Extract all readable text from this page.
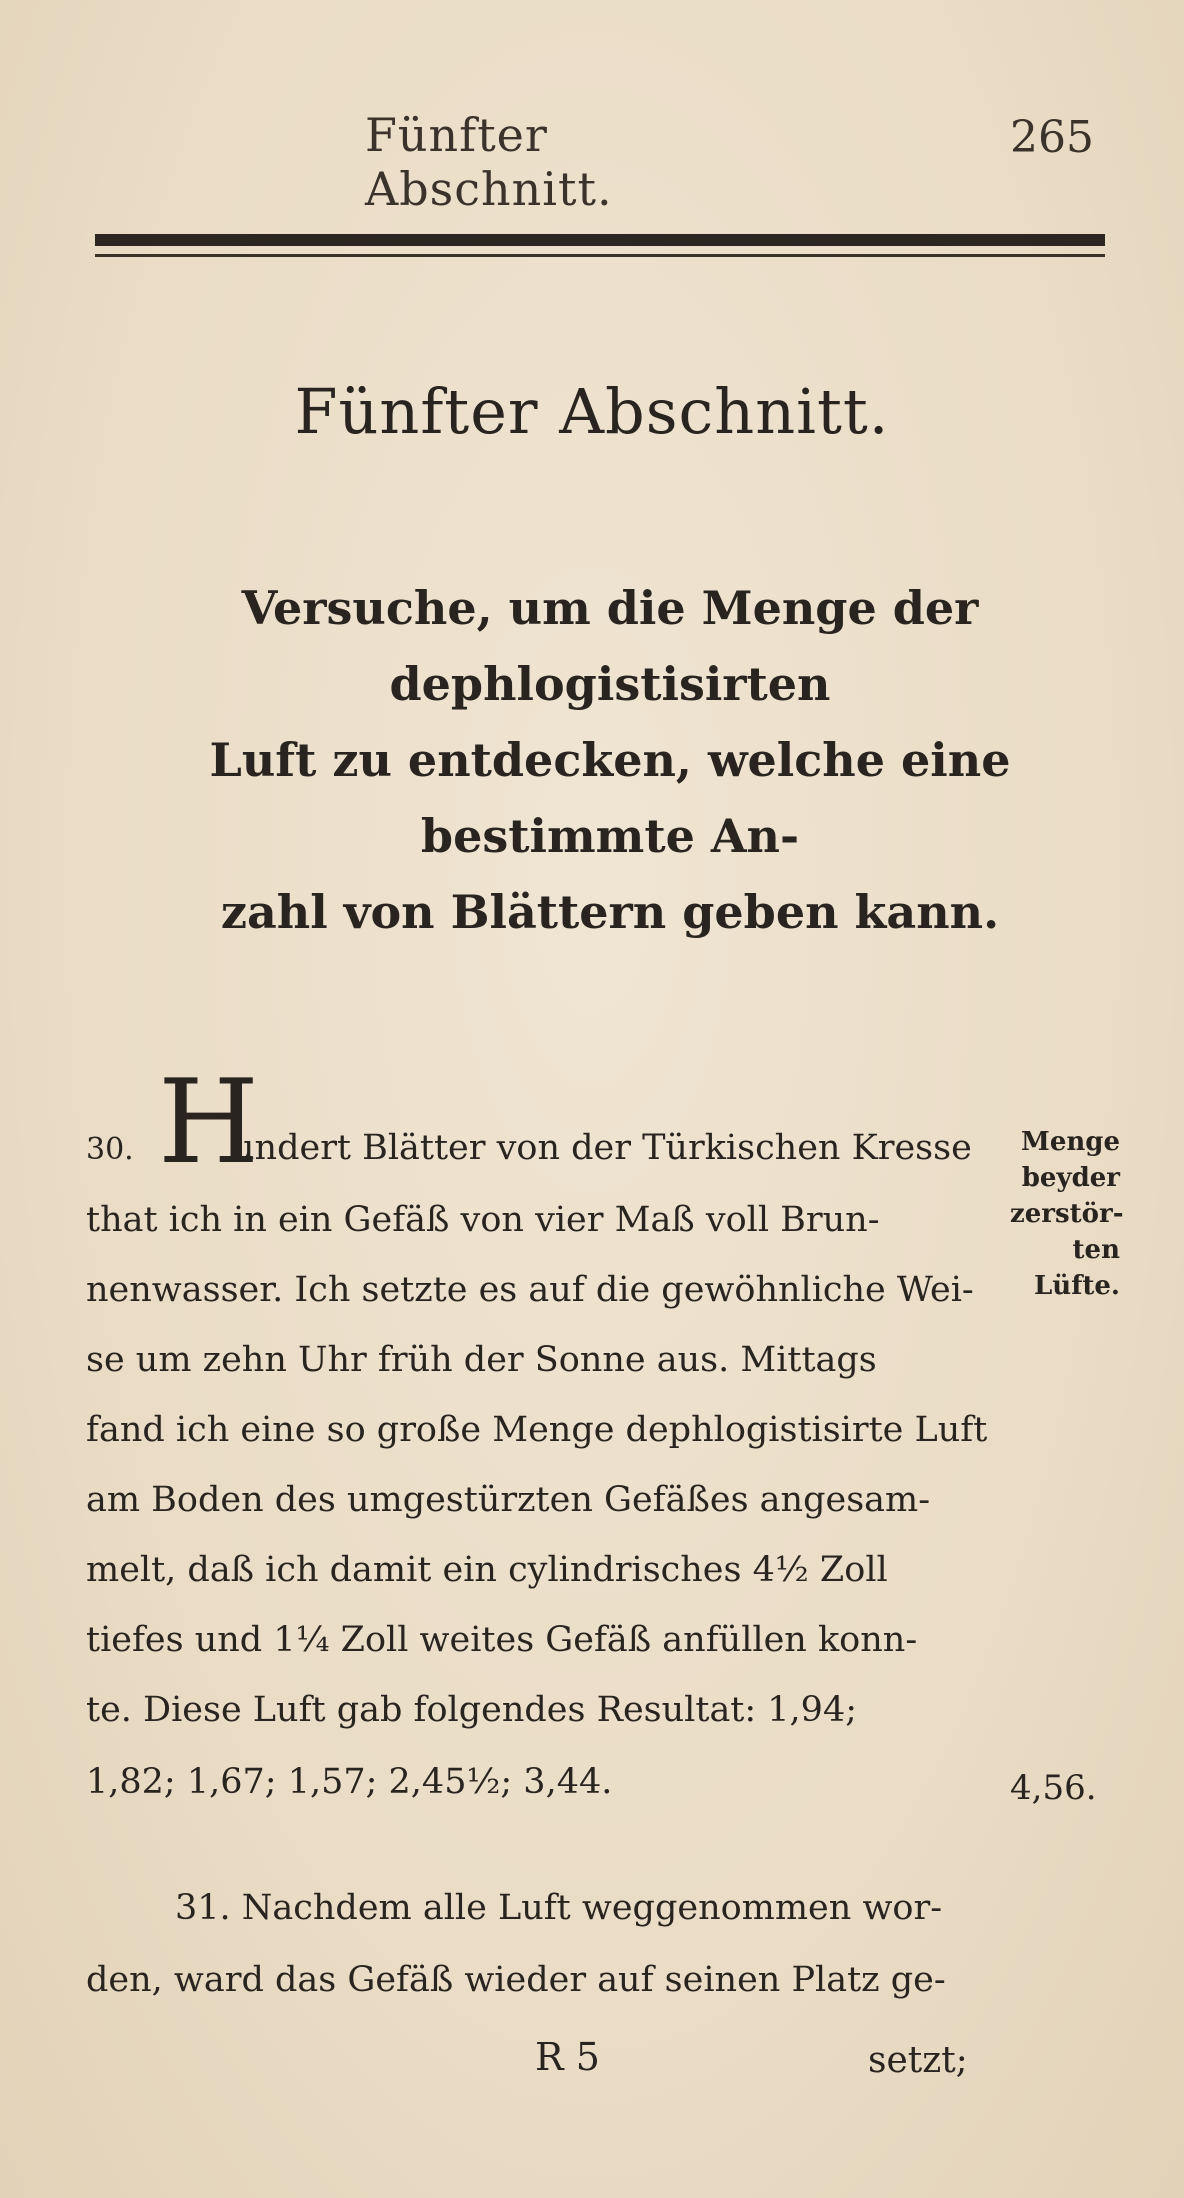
Fünfter Abschnitt.
265
Fünfter Abschnitt.
Versuche, um die Menge der dephlogistisirten
Luft zu entdecken, welche eine bestimmte An-
zahl von Blättern geben kann.
30. H
undert Blätter von der Türkischen Kresse
that ich in ein Gefäß von vier Maß voll Brun-
nenwasser. Ich setzte es auf die gewöhnliche Wei-
se um zehn Uhr früh der Sonne aus. Mittags
fand ich eine so große Menge dephlogistisirte Luft
am Boden des umgestürzten Gefäßes angesam-
melt, daß ich damit ein cylindrisches 4½ Zoll
tiefes und 1¼ Zoll weites Gefäß anfüllen konn-
te. Diese Luft gab folgendes Resultat: 1,94;
1,82; 1,67; 1,57; 2,45½; 3,44.
Menge
beyder
zerstör-
ten
Lüfte.
4,56.
31. Nachdem alle Luft weggenommen wor-
den, ward das Gefäß wieder auf seinen Platz ge-
R 5	setzt;
